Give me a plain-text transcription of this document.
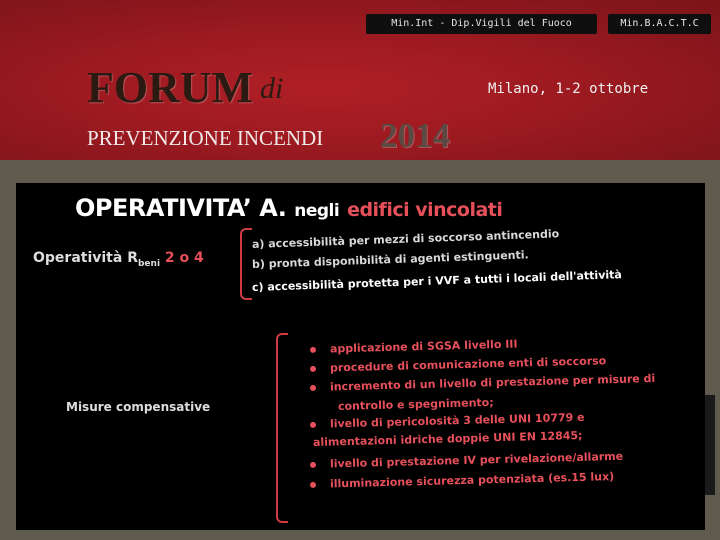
Min.Int - Dip.Vigili del Fuoco	Min.B.A.C.T.C
FORUM di	Milano, 1-2 ottobre
PREVENZIONE INCENDI 2014
OPERATIVITA’ A. negli edifici vincolati
Operatività $R_{beni}$ 2 o 4
a) accessibilità per mezzi di soccorso antincendio
b) pronta disponibilità di agenti estinguenti.
c) accessibilità protetta per i VVF a tutti i locali dell'attività
Misure compensative
applicazione di SGSA livello III
procedure di comunicazione enti di soccorso
incremento di un livello di prestazione per misure di
controllo e spegnimento;
livello di pericolosità 3 delle UNI 10779 e
alimentazioni idriche doppie UNI EN 12845;
livello di prestazione IV per rivelazione/allarme
illuminazione sicurezza potenziata (es.15 lux)
